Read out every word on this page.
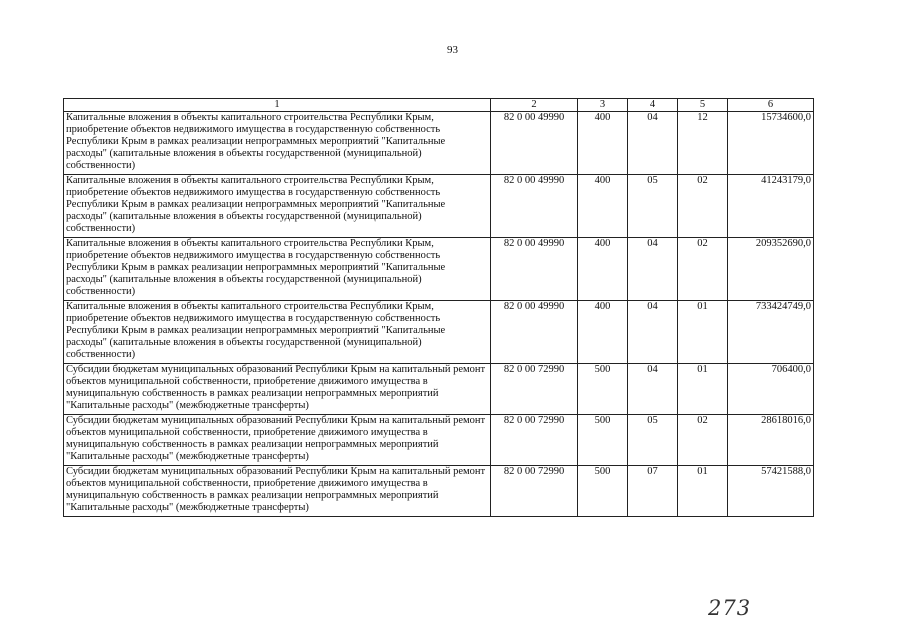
93
1	2	3	4	5	6
Капитальные вложения в объекты капитального строительства Республики Крым, приобретение объектов недвижимого имущества в государственную собственность Республики Крым в рамках реализации непрограммных мероприятий "Капитальные расходы" (капитальные вложения в объекты государственной (муниципальной) собственности)	82 0 00 49990	400	04	12	15734600,0
Капитальные вложения в объекты капитального строительства Республики Крым, приобретение объектов недвижимого имущества в государственную собственность Республики Крым в рамках реализации непрограммных мероприятий "Капитальные расходы" (капитальные вложения в объекты государственной (муниципальной) собственности)	82 0 00 49990	400	05	02	41243179,0
Капитальные вложения в объекты капитального строительства Республики Крым, приобретение объектов недвижимого имущества в государственную собственность Республики Крым в рамках реализации непрограммных мероприятий "Капитальные расходы" (капитальные вложения в объекты государственной (муниципальной) собственности)	82 0 00 49990	400	04	02	209352690,0
Капитальные вложения в объекты капитального строительства Республики Крым, приобретение объектов недвижимого имущества в государственную собственность Республики Крым в рамках реализации непрограммных мероприятий "Капитальные расходы" (капитальные вложения в объекты государственной (муниципальной) собственности)	82 0 00 49990	400	04	01	733424749,0
Субсидии бюджетам муниципальных образований Республики Крым на капитальный ремонт объектов муниципальной собственности, приобретение движимого имущества в муниципальную собственность в рамках реализации непрограммных мероприятий "Капитальные расходы" (межбюджетные трансферты)	82 0 00 72990	500	04	01	706400,0
Субсидии бюджетам муниципальных образований Республики Крым на капитальный ремонт объектов муниципальной собственности, приобретение движимого имущества в муниципальную собственность в рамках реализации непрограммных мероприятий "Капитальные расходы" (межбюджетные трансферты)	82 0 00 72990	500	05	02	28618016,0
Субсидии бюджетам муниципальных образований Республики Крым на капитальный ремонт объектов муниципальной собственности, приобретение движимого имущества в муниципальную собственность в рамках реализации непрограммных мероприятий "Капитальные расходы" (межбюджетные трансферты)	82 0 00 72990	500	07	01	57421588,0
273
